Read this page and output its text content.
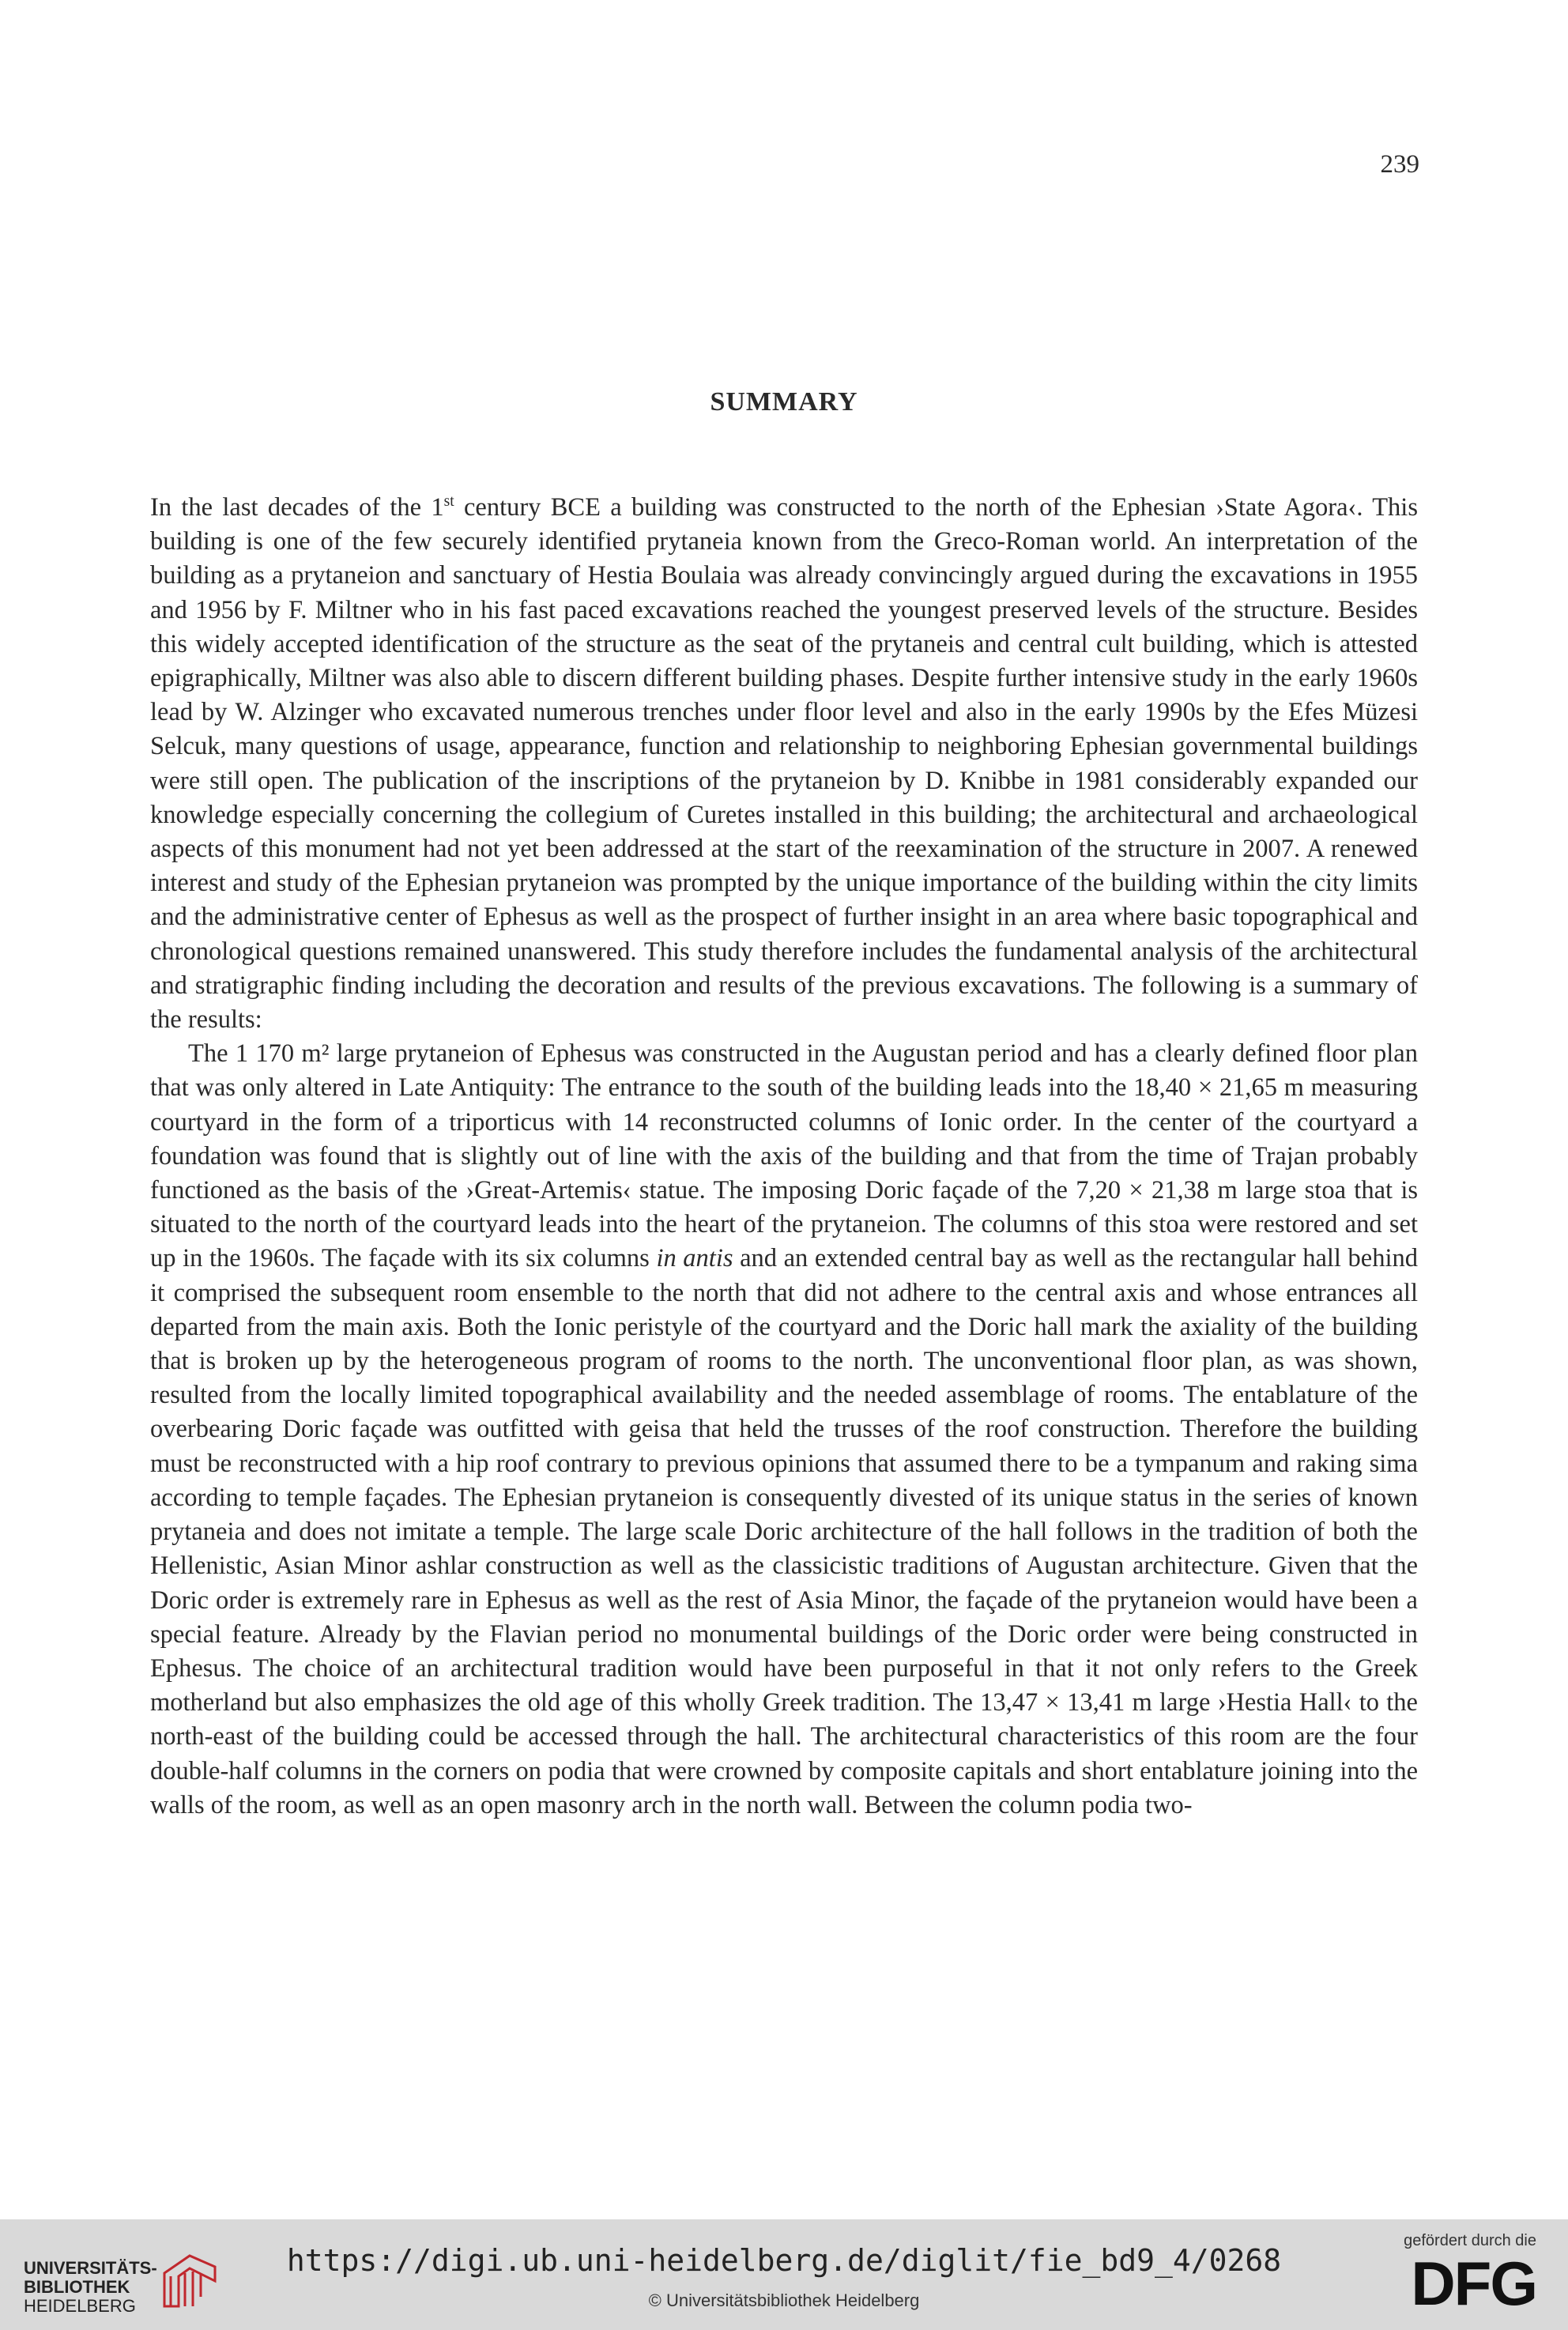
239
SUMMARY

In the last decades of the 1st century BCE a building was constructed to the north of the Ephesian ›State Agora‹. This building is one of the few securely identified prytaneia known from the Greco-Roman world. An interpretation of the building as a prytaneion and sanctuary of Hestia Boulaia was already convincingly argued during the excavations in 1955 and 1956 by F. Miltner who in his fast paced excavations reached the youngest preserved levels of the structure. Besides this widely accepted identification of the structure as the seat of the prytaneis and central cult building, which is attested epigraphically, Miltner was also able to discern different building phases. Despite further intensive study in the early 1960s lead by W. Alzinger who excavated numerous trenches under floor level and also in the early 1990s by the Efes Müzesi Selcuk, many questions of usage, appearance, function and relationship to neighboring Ephesian governmental buildings were still open. The publication of the inscriptions of the prytaneion by D. Knibbe in 1981 considerably expanded our knowledge especially concerning the collegium of Curetes installed in this building; the architectural and archaeological aspects of this monument had not yet been addressed at the start of the reexamination of the structure in 2007. A renewed interest and study of the Ephesian prytaneion was prompted by the unique importance of the building within the city limits and the administrative center of Ephesus as well as the prospect of further insight in an area where basic topographical and chronological questions remained unanswered. This study therefore includes the fundamental analysis of the architectural and stratigraphic finding including the decoration and results of the previous excavations. The following is a summary of the results:

The 1 170 m² large prytaneion of Ephesus was constructed in the Augustan period and has a clearly defined floor plan that was only altered in Late Antiquity: The entrance to the south of the building leads into the 18,40 × 21,65 m measuring courtyard in the form of a triporticus with 14 reconstructed columns of Ionic order. In the center of the courtyard a foundation was found that is slightly out of line with the axis of the building and that from the time of Trajan probably functioned as the basis of the ›Great-Artemis‹ statue. The imposing Doric façade of the 7,20 × 21,38 m large stoa that is situated to the north of the courtyard leads into the heart of the prytaneion. The columns of this stoa were restored and set up in the 1960s. The façade with its six columns in antis and an extended central bay as well as the rectangular hall behind it comprised the subsequent room ensemble to the north that did not adhere to the central axis and whose entrances all departed from the main axis. Both the Ionic peristyle of the courtyard and the Doric hall mark the axiality of the building that is broken up by the heterogeneous program of rooms to the north. The unconventional floor plan, as was shown, resulted from the locally limited topographical availability and the needed assemblage of rooms. The entablature of the overbearing Doric façade was outfitted with geisa that held the trusses of the roof construction. Therefore the building must be reconstructed with a hip roof contrary to previous opinions that assumed there to be a tympanum and raking sima according to temple façades. The Ephesian prytaneion is consequently divested of its unique status in the series of known prytaneia and does not imitate a temple. The large scale Doric architecture of the hall follows in the tradition of both the Hellenistic, Asian Minor ashlar construction as well as the classicistic traditions of Augustan architecture. Given that the Doric order is extremely rare in Ephesus as well as the rest of Asia Minor, the façade of the prytaneion would have been a special feature. Already by the Flavian period no monumental buildings of the Doric order were being constructed in Ephesus. The choice of an architectural tradition would have been purposeful in that it not only refers to the Greek motherland but also emphasizes the old age of this wholly Greek tradition. The 13,47 × 13,41 m large ›Hestia Hall‹ to the north-east of the building could be accessed through the hall. The architectural characteristics of this room are the four double-half columns in the corners on podia that were crowned by composite capitals and short entablature joining into the walls of the room, as well as an open masonry arch in the north wall. Between the column podia two-

UNIVERSITÄTS-
BIBLIOTHEK
HEIDELBERG
https://digi.ub.uni-heidelberg.de/diglit/fie_bd9_4/0268
© Universitätsbibliothek Heidelberg
gefördert durch die
DFG
